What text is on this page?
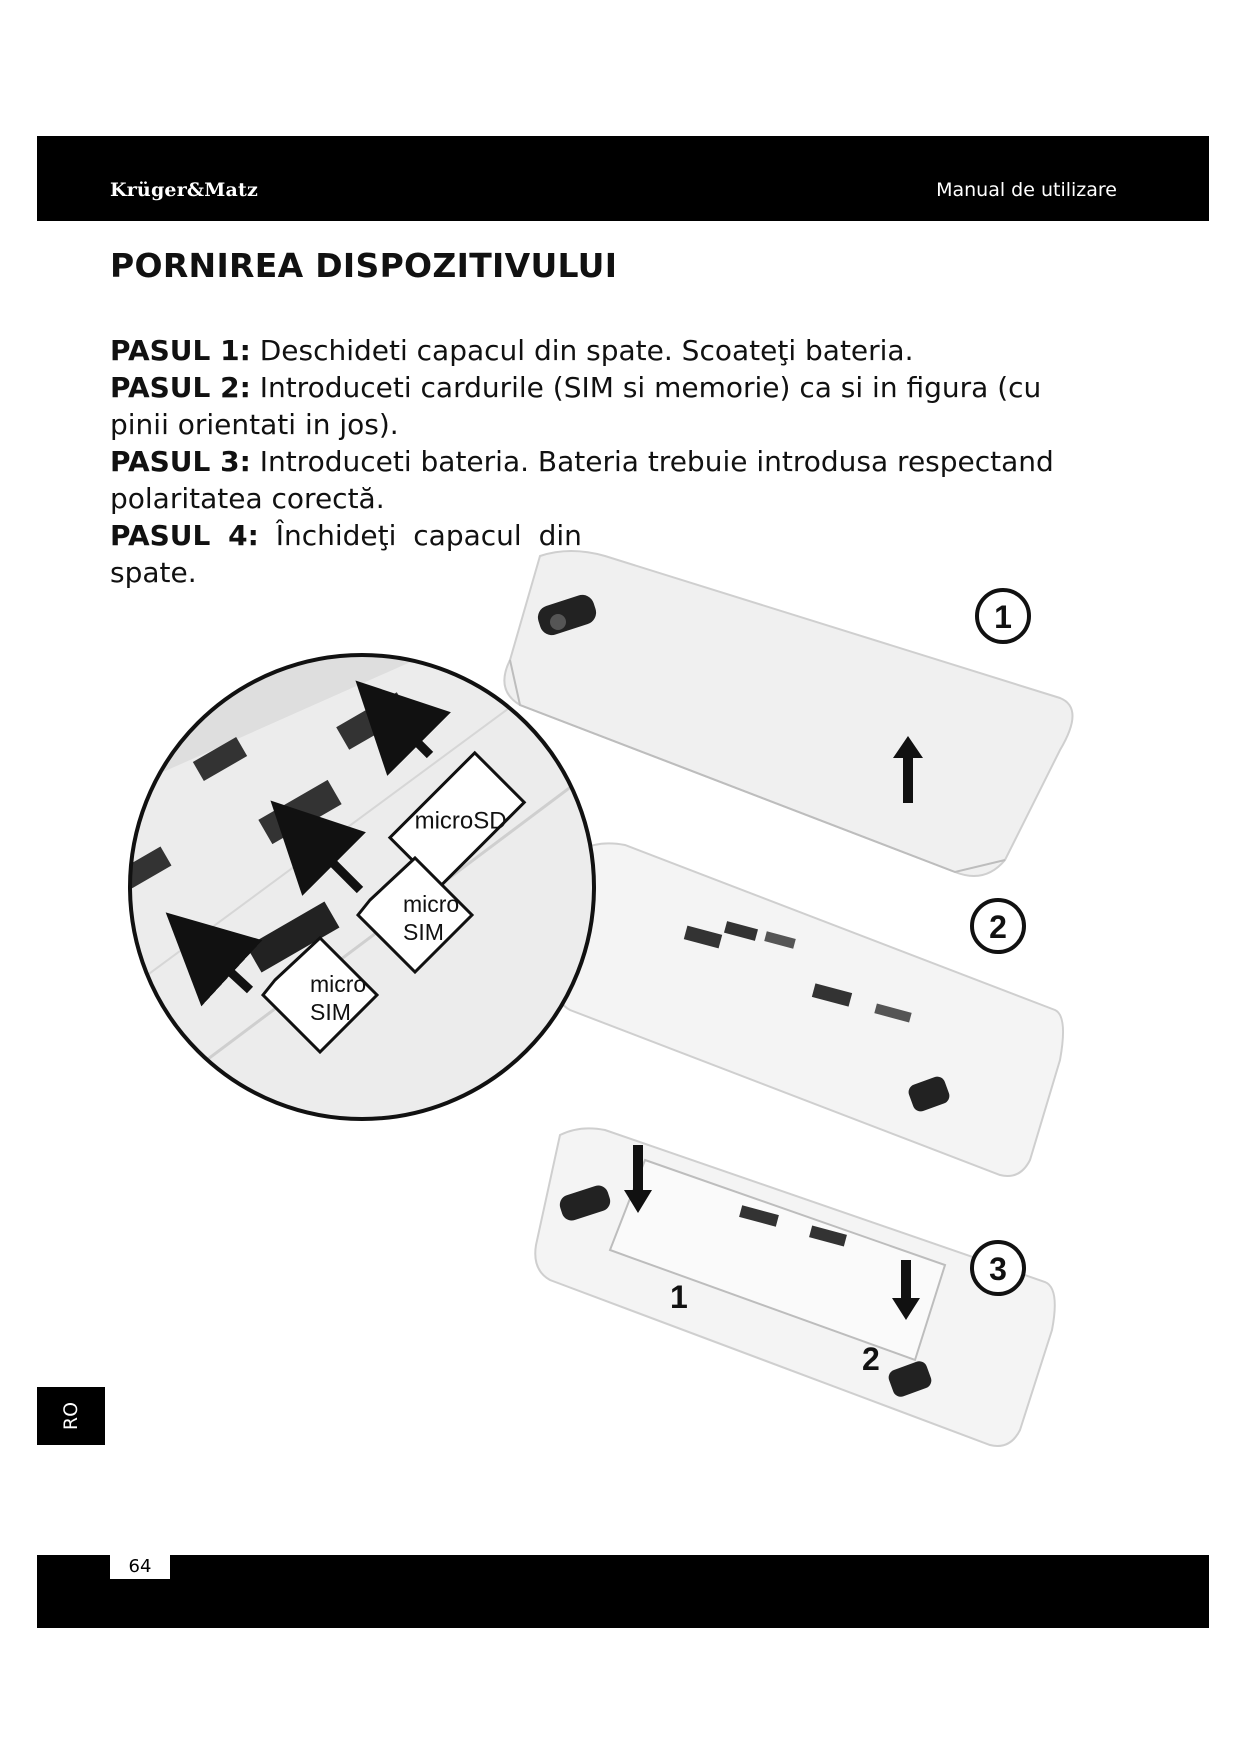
Krüger&Matz	Manual de utilizare
PORNIREA DISPOZITIVULUI
PASUL 1: Deschideti capacul din spate. Scoateţi bateria.
PASUL 2: Introduceti cardurile (SIM si memorie) ca si in figura (cu
pinii orientati in jos).
PASUL 3: Introduceti bateria. Bateria trebuie introdusa respectand
polaritatea corectă.
PASUL 4: Închideţi capacul din
spate.
1
2
1
2
3
microSD
micro
SIM
micro
SIM
RO
64
